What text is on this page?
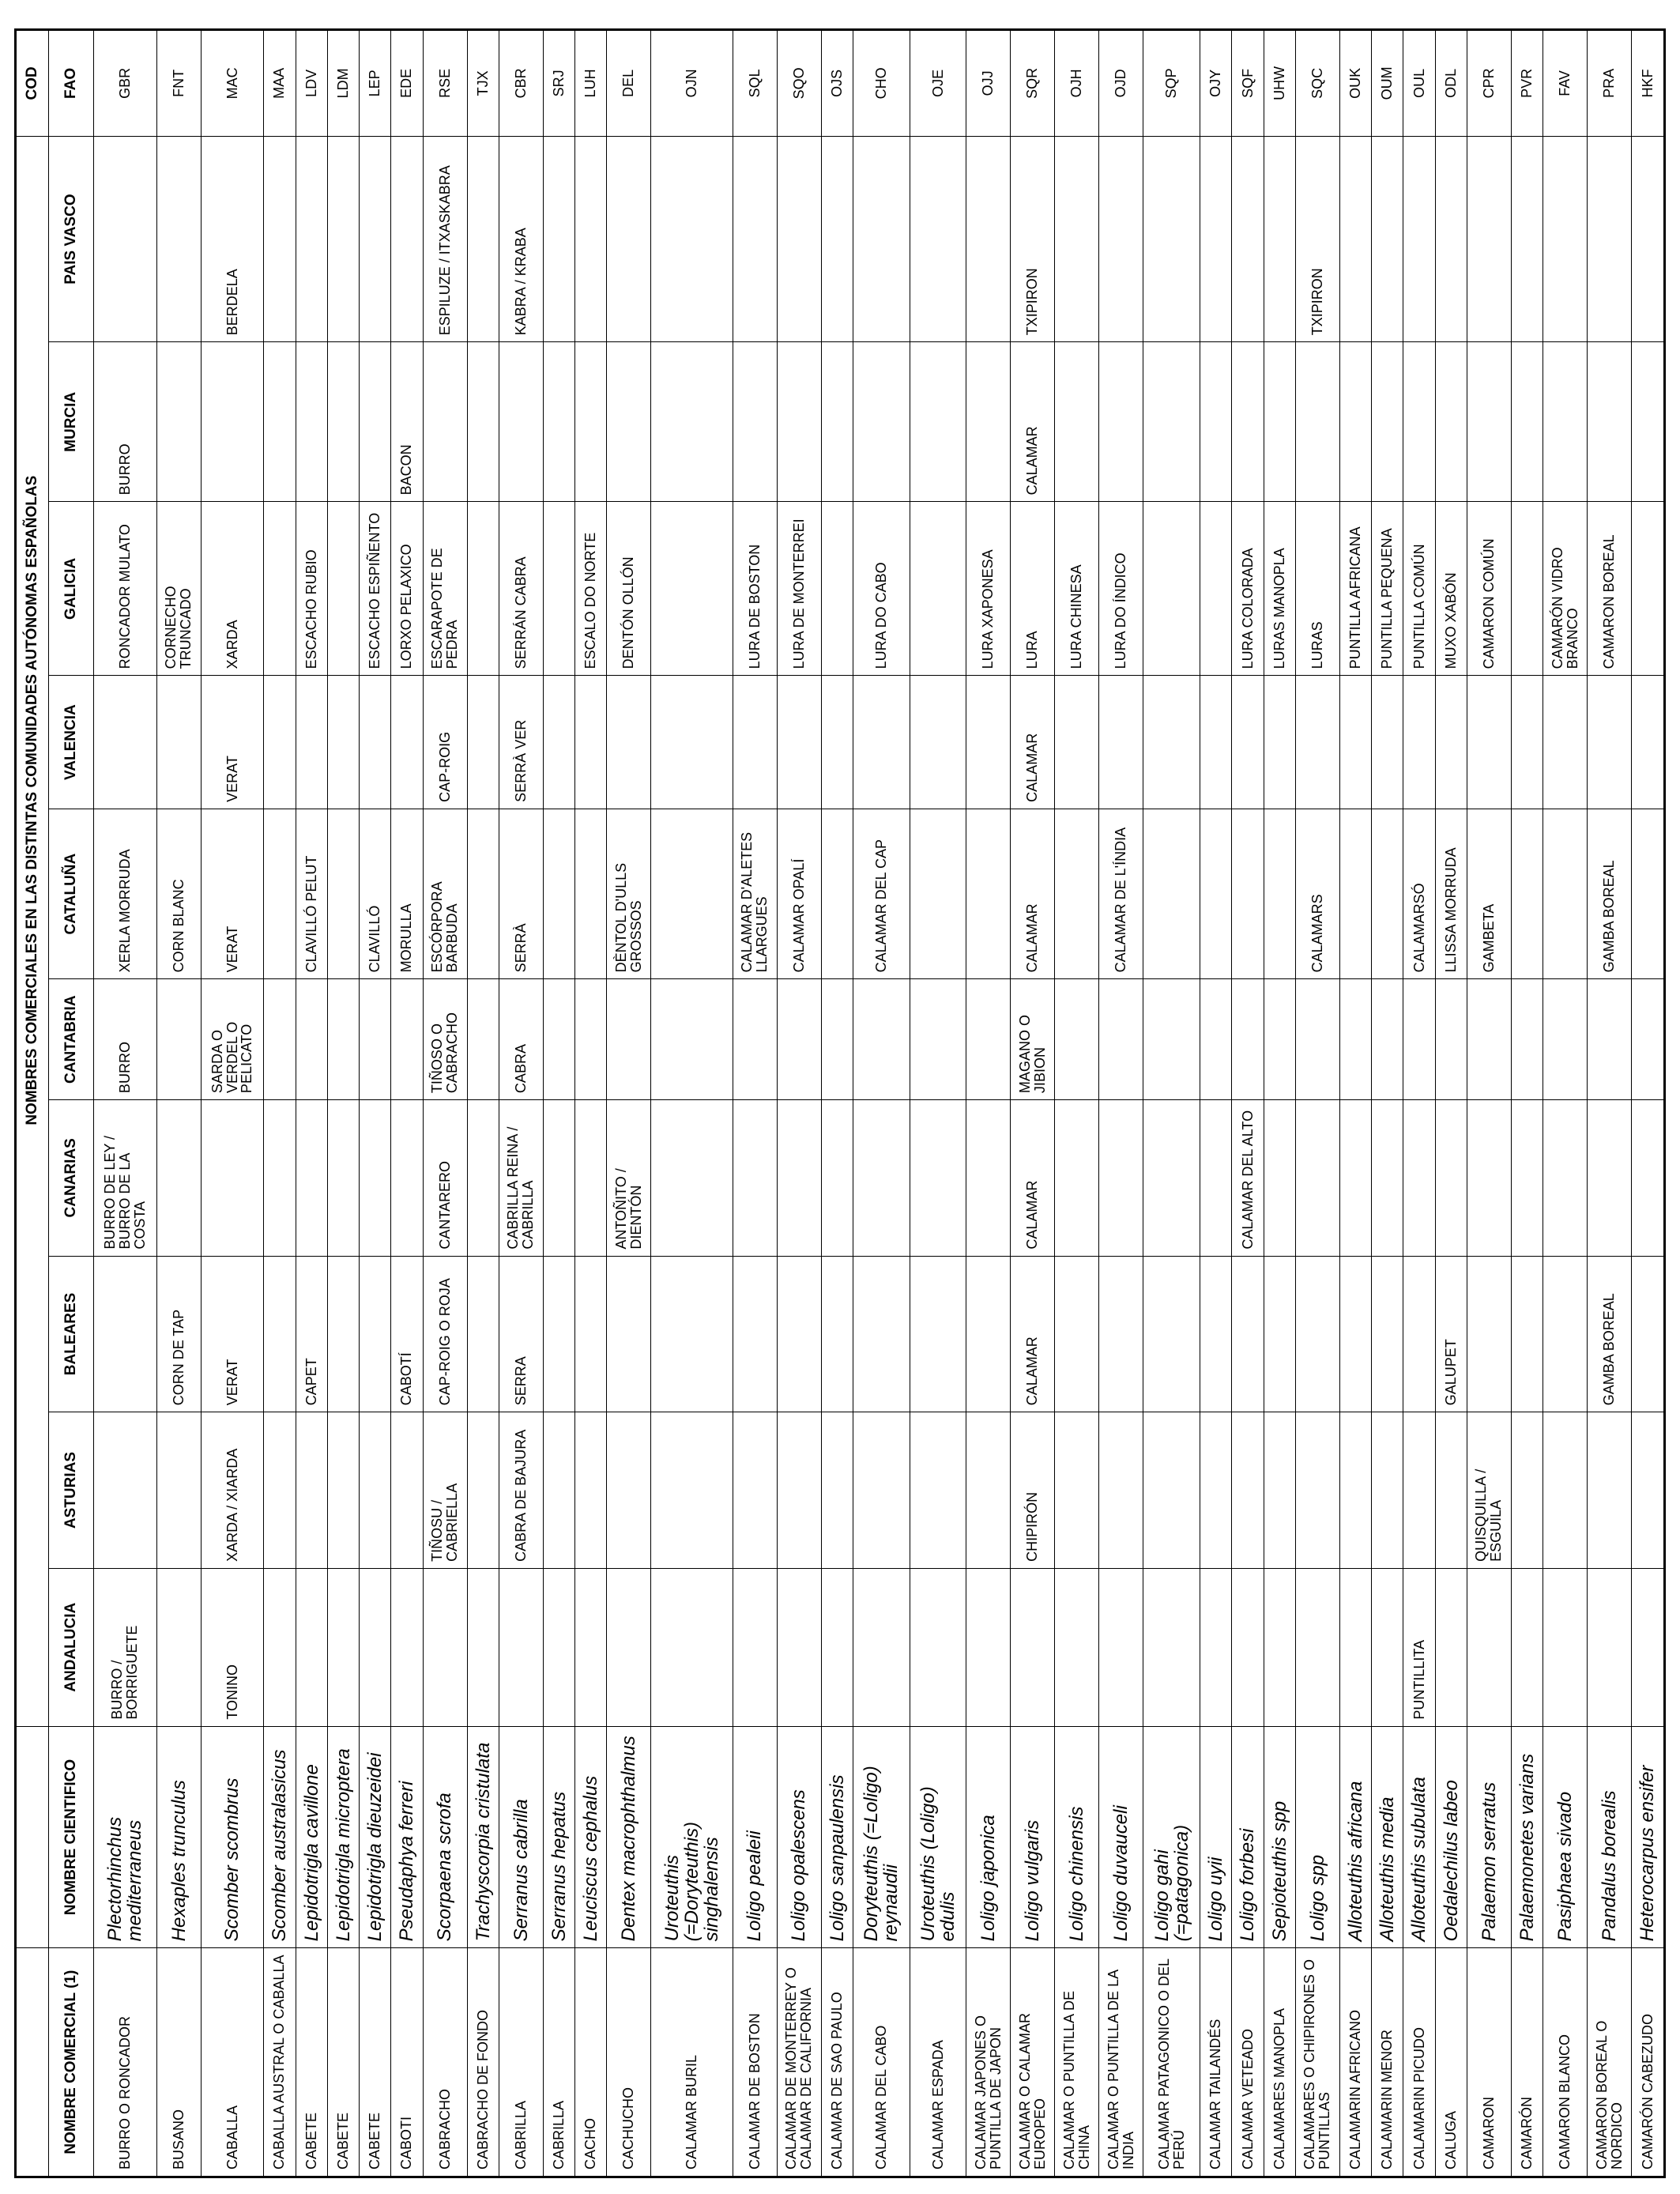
		NOMBRES COMERCIALES EN LAS DISTINTAS COMUNIDADES AUTÓNOMAS ESPAÑOLAS										COD
NOMBRE COMERCIAL (1)	NOMBRE CIENTIFICO	ANDALUCIA	ASTURIAS	BALEARES	CANARIAS	CANTABRIA	CATALUÑA	VALENCIA	GALICIA	MURCIA	PAIS VASCO	FAO
BURRO O RONCADOR	Plectorhinchus mediterraneus	BURRO / BORRIGUETE			BURRO DE LEY / BURRO DE LA COSTA	BURRO	XERLA MORRUDA		RONCADOR MULATO	BURRO		GBR
BUSANO	Hexaples trunculus			CORN DE TAP			CORN BLANC		CORNECHO TRUNCADO			FNT
CABALLA	Scomber scombrus	TONINO	XARDA / XIARDA	VERAT		SARDA O VERDEL O PELICATO	VERAT	VERAT	XARDA		BERDELA	MAC
CABALLA AUSTRAL O CABALLA	Scomber australasicus											MAA
CABETE	Lepidotrigla cavillone			CAPET			CLAVILLÓ PELUT		ESCACHO RUBIO			LDV
CABETE	Lepidotrigla micropterа											LDM
CABETE	Lepidotrigla dieuzeidei						CLAVILLÓ		ESCACHO ESPIÑENTO			LEP
CABOTI	Pseudaphya ferreri			CABOTÍ			MORULLA		LORXO PELAXICO	BACON		EDE
CABRACHO	Scorpaena scrofa		TIÑOSU / CABRIELLA	CAP-ROIG O ROJA	CANTARERO	TIÑOSO O CABRACHO	ESCÓRPORA BARBUDA	CAP-ROIG	ESCARAPOTE DE PEDRA		ESPILUZE / ITXASKABRA	RSE
CABRACHO DE FONDO	Trachyscorpia cristulata											TJX
CABRILLA	Serranus cabrilla		CABRA DE BAJURA	SERRA	CABRILLA REINA / CABRILLA	CABRA	SERRÀ	SERRÀ VER	SERRÁN CABRA		KABRA / KRABA	CBR
CABRILLA	Serranus hepatus											SRJ
CACHO	Leuciscus cephalus								ESCALO DO NORTE			LUH
CACHUCHO	Dentex macrophthalmus				ANTOÑITO / DIENTÓN		DÈNTOL D'ULLS GROSSOS		DENTÓN OLLÓN			DEL
CALAMAR BURIL	Uroteuthis (=Doryteuthis) singhalensis											OJN
CALAMAR DE BOSTON	Loligo pealeii						CALAMAR D'ALETES LLARGUES		LURA DE BOSTON			SQL
CALAMAR DE MONTERREY O CALAMAR DE CALIFORNIA	Loligo opalescens						CALAMAR OPALÍ		LURA DE MONTERREI			SQO
CALAMAR DE SAO PAULO	Loligo sanpaulensis											OJS
CALAMAR DEL CABO	Doryteuthis (=Loligo) reynaudii						CALAMAR DEL CAP		LURA DO CABO			CHO
CALAMAR ESPADA	Uroteuthis (Loligo) edulis											OJE
CALAMAR JAPONES O PUNTILLA DE JAPON	Loligo japonica								LURA XAPONESA			OJJ
CALAMAR O CALAMAR EUROPEO	Loligo vulgaris		CHIPIRÓN	CALAMAR	CALAMAR	MAGANO O JIBION	CALAMAR	CALAMAR	LURA	CALAMAR	TXIPIRON	SQR
CALAMAR O PUNTILLA DE CHINA	Loligo chinensis								LURA CHINESA			OJH
CALAMAR O PUNTILLA DE LA INDIA	Loligo duvauceli						CALAMAR DE L'ÍNDIA		LURA DO ÍNDICO			OJD
CALAMAR PATAGONICO O DEL PERÚ	Loligo gahi (=patagonica)											SQP
CALAMAR TAILANDÉS	Loligo uyii											OJY
CALAMAR VETEADO	Loligo forbesi				CALAMAR DEL ALTO				LURA COLORADA			SQF
CALAMARES MANOPLA	Sepioteuthis spp								LURAS MANOPLA			UHW
CALAMARES O CHIPIRONES O PUNTILLAS	Loligo spp						CALAMARS		LURAS		TXIPIRON	SQC
CALAMARIN AFRICANO	Alloteuthis africana								PUNTILLA AFRICANA			OUK
CALAMARIN MENOR	Alloteuthis media								PUNTILLA PEQUENA			OUM
CALAMARIN PICUDO	Alloteuthis subulata	PUNTILLITA					CALAMARSÓ		PUNTILLA COMÚN			OUL
CALUGA	Oedalechilus labeo			GALUPET			LLISSA MORRUDA		MUXO XABÓN			ODL
CAMARON	Palaemon serratus		QUISQUILLA / ESGUILA				GAMBETA		CAMARON COMÚN			CPR
CAMARÓN	Palaemonetes varians											PVR
CAMARON BLANCO	Pasiphaea sivado								CAMARÓN VIDRO BRANCO			FAV
CAMARON BOREAL O NORDICO	Pandalus borealis			GAMBA BOREAL			GAMBA BOREAL		CAMARON BOREAL			PRA
CAMARÓN CABEZUDO	Heterocarpus ensifer											HKF
